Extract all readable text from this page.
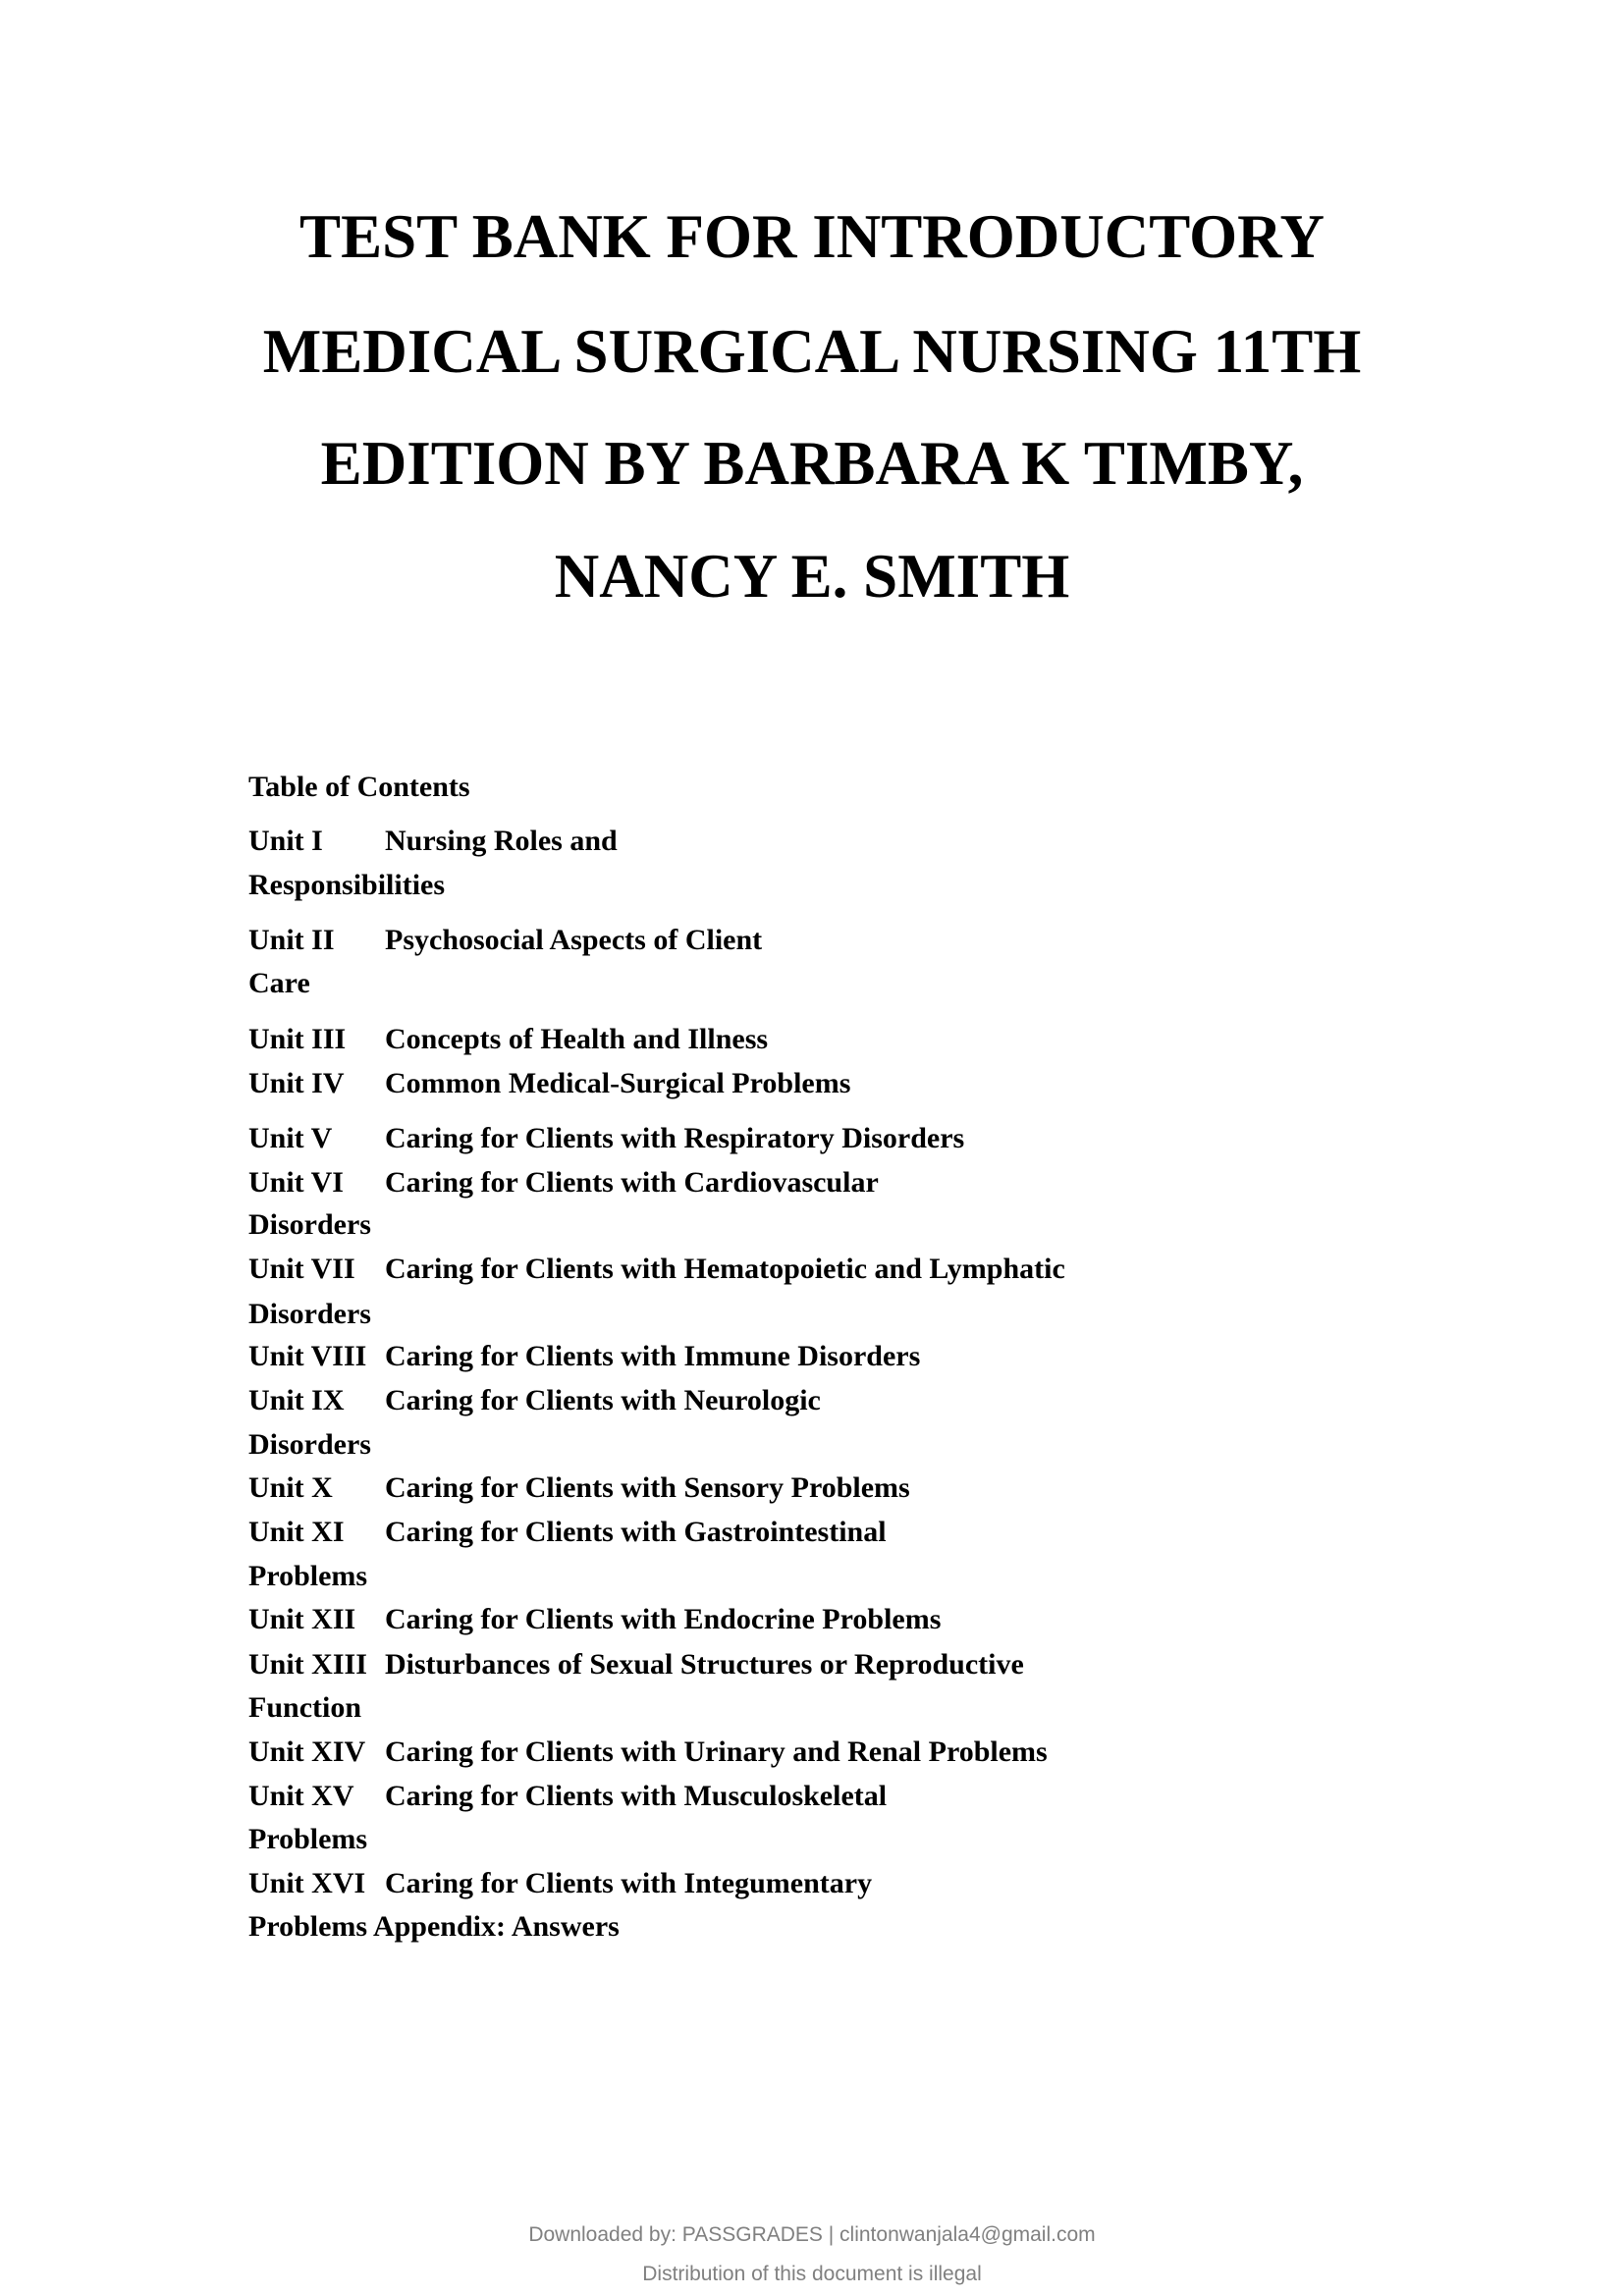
TEST BANK FOR INTRODUCTORY
MEDICAL SURGICAL NURSING 11TH
EDITION BY BARBARA K TIMBY,
NANCY E. SMITH
Table of Contents
Unit I Nursing Roles and
Responsibilities
Unit II Psychosocial Aspects of Client
Care
Unit III Concepts of Health and Illness
Unit IV Common Medical-Surgical Problems
Unit V Caring for Clients with Respiratory Disorders
Unit VI Caring for Clients with Cardiovascular
Disorders
Unit VII Caring for Clients with Hematopoietic and Lymphatic
Disorders
Unit VIII Caring for Clients with Immune Disorders
Unit IX Caring for Clients with Neurologic
Disorders
Unit X Caring for Clients with Sensory Problems
Unit XI Caring for Clients with Gastrointestinal
Problems
Unit XII Caring for Clients with Endocrine Problems
Unit XIII Disturbances of Sexual Structures or Reproductive
Function
Unit XIV Caring for Clients with Urinary and Renal Problems
Unit XV Caring for Clients with Musculoskeletal
Problems
Unit XVI Caring for Clients with Integumentary
Problems Appendix: Answers
Downloaded by: PASSGRADES | clintonwanjala4@gmail.com
Distribution of this document is illegal
